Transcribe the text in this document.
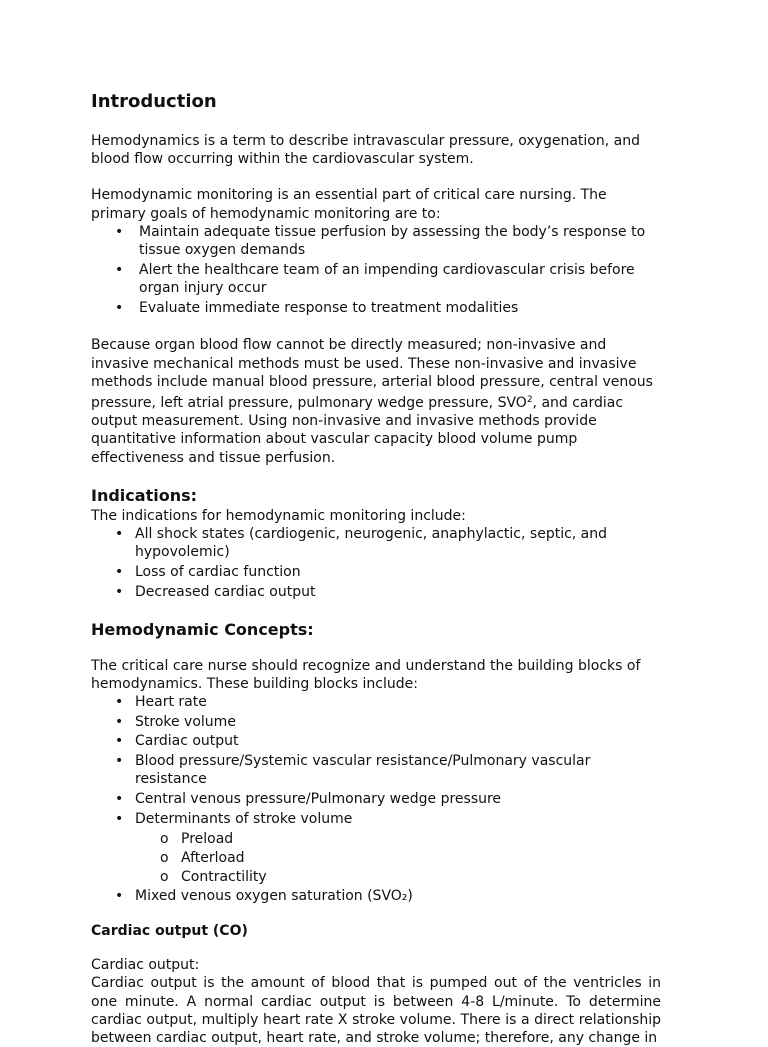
Introduction

Hemodynamics is a term to describe intravascular pressure, oxygenation, and blood flow occurring within the cardiovascular system.

Hemodynamic monitoring is an essential part of critical care nursing. The primary goals of hemodynamic monitoring are to:

• Maintain adequate tissue perfusion by assessing the body’s response to tissue oxygen demands
• Alert the healthcare team of an impending cardiovascular crisis before organ injury occur
• Evaluate immediate response to treatment modalities

Because organ blood flow cannot be directly measured; non-invasive and invasive mechanical methods must be used. These non-invasive and invasive methods include manual blood pressure, arterial blood pressure, central venous pressure, left atrial pressure, pulmonary wedge pressure, SVO$^2$, and cardiac output measurement. Using non-invasive and invasive methods provide quantitative information about vascular capacity blood volume pump effectiveness and tissue perfusion.

Indications:

The indications for hemodynamic monitoring include:

• All shock states (cardiogenic, neurogenic, anaphylactic, septic, and hypovolemic)
• Loss of cardiac function
• Decreased cardiac output
Hemodynamic Concepts:

The critical care nurse should recognize and understand the building blocks of hemodynamics. These building blocks include:

• Heart rate
• Stroke volume
• Cardiac output
• Blood pressure/Systemic vascular resistance/Pulmonary vascular resistance
• Central venous pressure/Pulmonary wedge pressure
• Determinants of stroke volume
o Preload
o Afterload
o Contractility
• Mixed venous oxygen saturation (SVO₂)
Cardiac output (CO)

Cardiac output:

Cardiac output is the amount of blood that is pumped out of the ventricles in one minute. A normal cardiac output is between 4-8 L/minute. To determine cardiac output, multiply heart rate X stroke volume. There is a direct relationship between cardiac output, heart rate, and stroke volume; therefore, any change in
